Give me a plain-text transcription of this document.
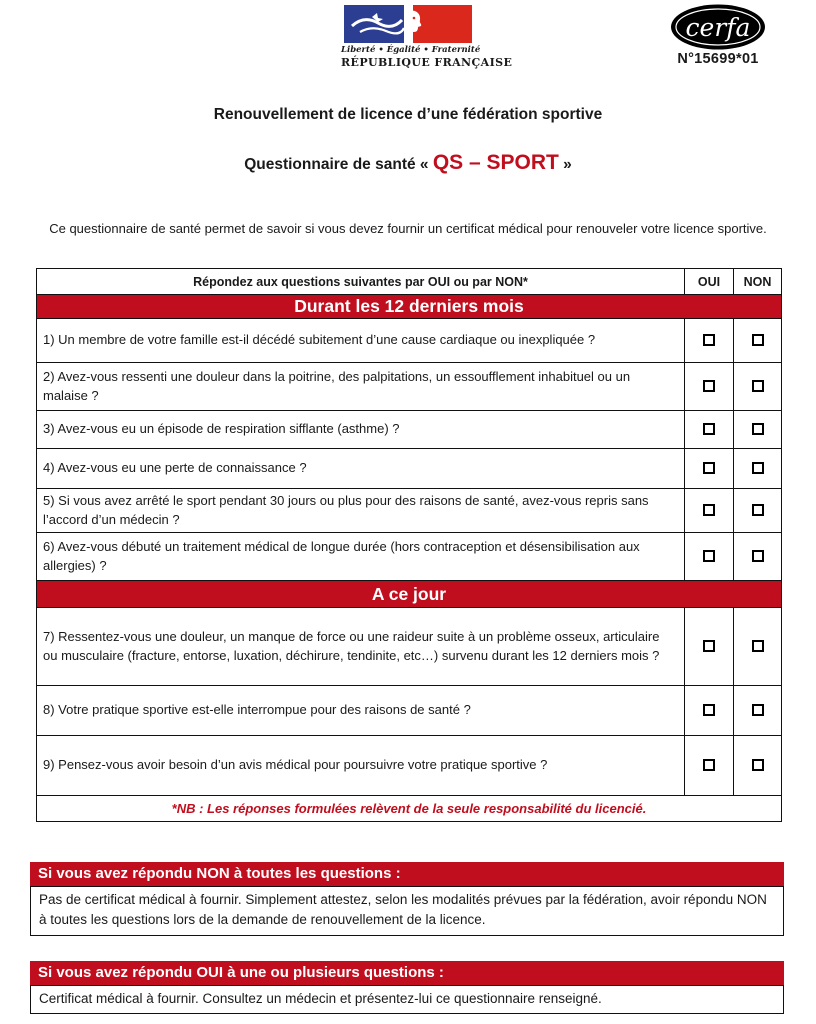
Liberté • Égalité • Fraternité
RÉPUBLIQUE FRANÇAISE
cerfa
N°15699*01
Renouvellement de licence d’une fédération sportive
Questionnaire de santé « QS – SPORT »
Ce questionnaire de santé permet de savoir si vous devez fournir un certificat médical pour renouveler votre licence sportive.
Répondez aux questions suivantes par OUI ou par NON*	OUI	NON
Durant les 12 derniers mois		
1) Un membre de votre famille est-il décédé subitement d’une cause cardiaque ou inexpliquée ?		
2) Avez-vous ressenti une douleur dans la poitrine, des palpitations, un essoufflement inhabituel ou un malaise ?		
3) Avez-vous eu un épisode de respiration sifflante (asthme) ?		
4) Avez-vous eu une perte de connaissance ?		
5) Si vous avez arrêté le sport pendant 30 jours ou plus pour des raisons de santé, avez-vous repris sans l’accord d’un médecin ?		
6) Avez-vous débuté un traitement médical de longue durée (hors contraception et désensibilisation aux allergies) ?		
A ce jour		
7) Ressentez-vous une douleur, un manque de force ou une raideur suite à un problème osseux, articulaire ou musculaire (fracture, entorse, luxation, déchirure, tendinite, etc…) survenu durant les 12 derniers mois ?		
8) Votre pratique sportive est-elle interrompue pour des raisons de santé ?		
9) Pensez-vous avoir besoin d’un avis médical pour poursuivre votre pratique sportive ?		
*NB : Les réponses formulées relèvent de la seule responsabilité du licencié.		
Si vous avez répondu NON à toutes les questions :
Pas de certificat médical à fournir. Simplement attestez, selon les modalités prévues par la fédération, avoir répondu NON à toutes les questions lors de la demande de renouvellement de la licence.
Si vous avez répondu OUI à une ou plusieurs questions :
Certificat médical à fournir. Consultez un médecin et présentez-lui ce questionnaire renseigné.
